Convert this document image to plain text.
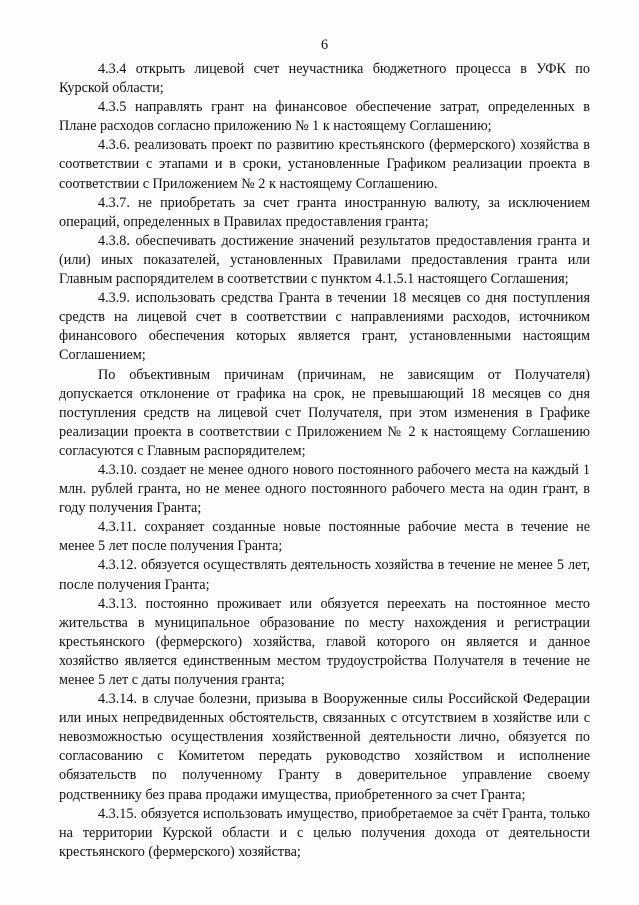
6

4.3.4 открыть лицевой счет неучастника бюджетного процесса в УФК по Курской области;

4.3.5 направлять грант на финансовое обеспечение затрат, определенных в Плане расходов согласно приложению № 1 к настоящему Соглашению;

4.3.6. реализовать проект по развитию крестьянского (фермерского) хозяйства в соответствии с этапами и в сроки, установленные Графиком реализации проекта в соответствии с Приложением № 2 к настоящему Соглашению.

4.3.7. не приобретать за счет гранта иностранную валюту, за исключением операций, определенных в Правилах предоставления гранта;

4.3.8. обеспечивать достижение значений результатов предоставления гранта и (или) иных показателей, установленных Правилами предоставления гранта или Главным распорядителем в соответствии с пунктом 4.1.5.1 настоящего Соглашения;

4.3.9. использовать средства Гранта в течении 18 месяцев со дня поступления средств на лицевой счет в соответствии с направлениями расходов, источником финансового обеспечения которых является грант, установленными настоящим Соглашением;

По объективным причинам (причинам, не зависящим от Получателя) допускается отклонение от графика на срок, не превышающий 18 месяцев со дня поступления средств на лицевой счет Получателя, при этом изменения в Графике реализации проекта в соответствии с Приложением № 2 к настоящему Соглашению согласуются с Главным распорядителем;

4.3.10. создает не менее одного нового постоянного рабочего места на каждый 1 млн. рублей гранта, но не менее одного постоянного рабочего места на один грант, в году получения Гранта;

4.3.11. сохраняет созданные новые постоянные рабочие места в течение не менее 5 лет после получения Гранта;

4.3.12. обязуется осуществлять деятельность хозяйства в течение не менее 5 лет, после получения Гранта;

4.3.13. постоянно проживает или обязуется переехать на постоянное место жительства в муниципальное образование по месту нахождения и регистрации крестьянского (фермерского) хозяйства, главой которого он является и данное хозяйство является единственным местом трудоустройства Получателя в течение не менее 5 лет с даты получения гранта;

4.3.14. в случае болезни, призыва в Вооруженные силы Российской Федерации или иных непредвиденных обстоятельств, связанных с отсутствием в хозяйстве или с невозможностью осуществления хозяйственной деятельности лично, обязуется по согласованию с Комитетом передать руководство хозяйством и исполнение обязательств по полученному Гранту в доверительное управление своему родственнику без права продажи имущества, приобретенного за счет Гранта;

4.3.15. обязуется использовать имущество, приобретаемое за счёт Гранта, только на территории Курской области и с целью получения дохода от деятельности крестьянского (фермерского) хозяйства;
